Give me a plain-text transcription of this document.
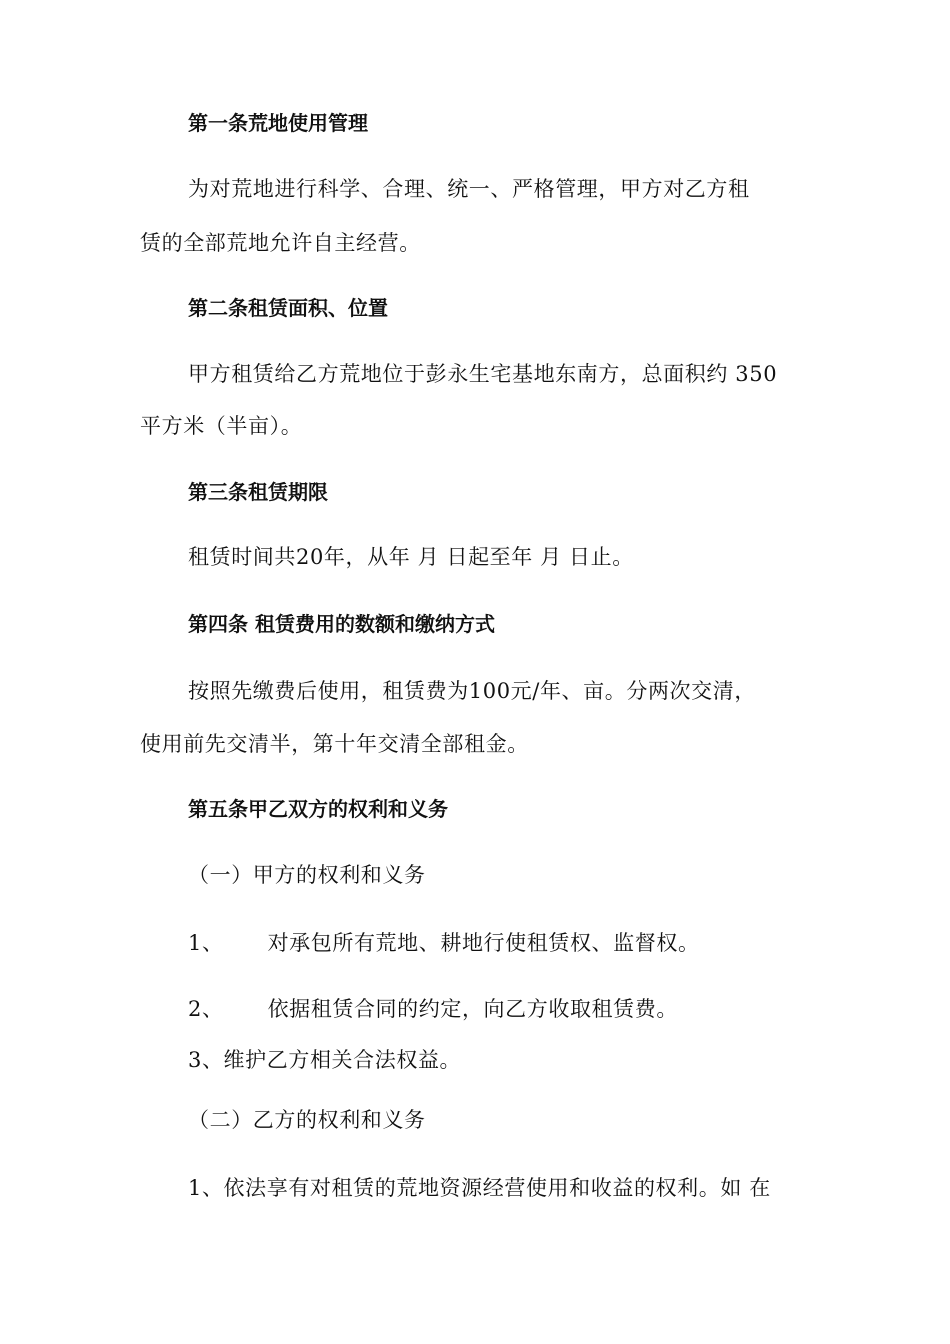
第一条荒地使用管理
为对荒地进行科学、合理、统一、严格管理，甲方对乙方租
赁的全部荒地允许自主经营。
第二条租赁面积、位置
甲方租赁给乙方荒地位于彭永生宅基地东南方，总面积约 350
平方米（半亩）。
第三条租赁期限
租赁时间共20年，从年 月 日起至年 月 日止。
第四条 租赁费用的数额和缴纳方式
按照先缴费后使用，租赁费为100元/年、亩。分两次交清，
使用前先交清半，第十年交清全部租金。
第五条甲乙双方的权利和义务
（一）甲方的权利和义务
1、 对承包所有荒地、耕地行使租赁权、监督权。
2、 依据租赁合同的约定，向乙方收取租赁费。
3、维护乙方相关合法权益。
（二）乙方的权利和义务
1、依法享有对租赁的荒地资源经营使用和收益的权利。如 在
